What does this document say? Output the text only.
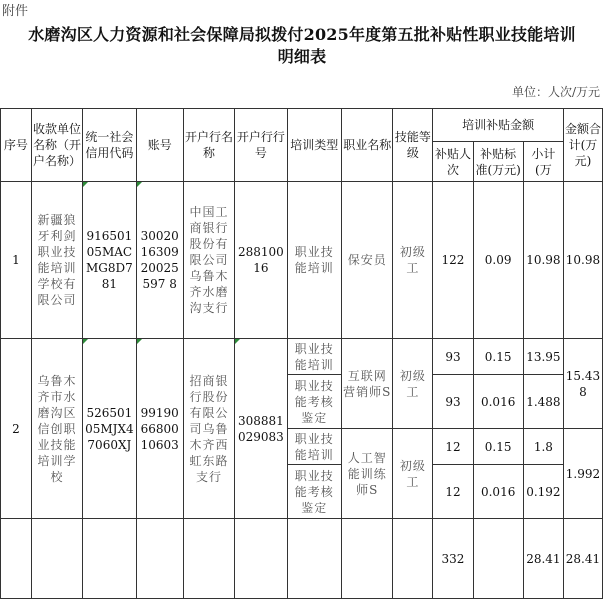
附件
水磨沟区人力资源和社会保障局拟拨付2025年度第五批补贴性职业技能培训
明细表
单位：人次/万元
序号	收款单位名称（开户名称）	统一社会信用代码	账号	开户行名称	开户行行号	培训类型	职业名称	技能等级	培训补贴金额			金额合计(万元)
									补贴人次	补贴标准(万元)	小计(万	
1	新疆狼牙利剑职业技能培训学校有限公司	91650105MACMG8D781	300201630920025597 8	中国工商银行股份有限公司乌鲁木齐水磨沟支行	28810016	职业技能培训	保安员	初级工	122	0.09	10.98	10.98
2	乌鲁木齐市水磨沟区信创职业技能培训学校	52650105MJX47060XJ	991906680010603	招商银行股份有限公司乌鲁木齐西虹东路支行	308881029083	职业技能培训	互联网营销师S	初级工	93	0.15	13.95	15.438
						职业技能考核鉴定			93	0.016	1.488	
						职业技能培训	人工智能训练师S	初级工	12	0.15	1.8	1.992
						职业技能考核鉴定			12	0.016	0.192	
									332		28.41	28.41
